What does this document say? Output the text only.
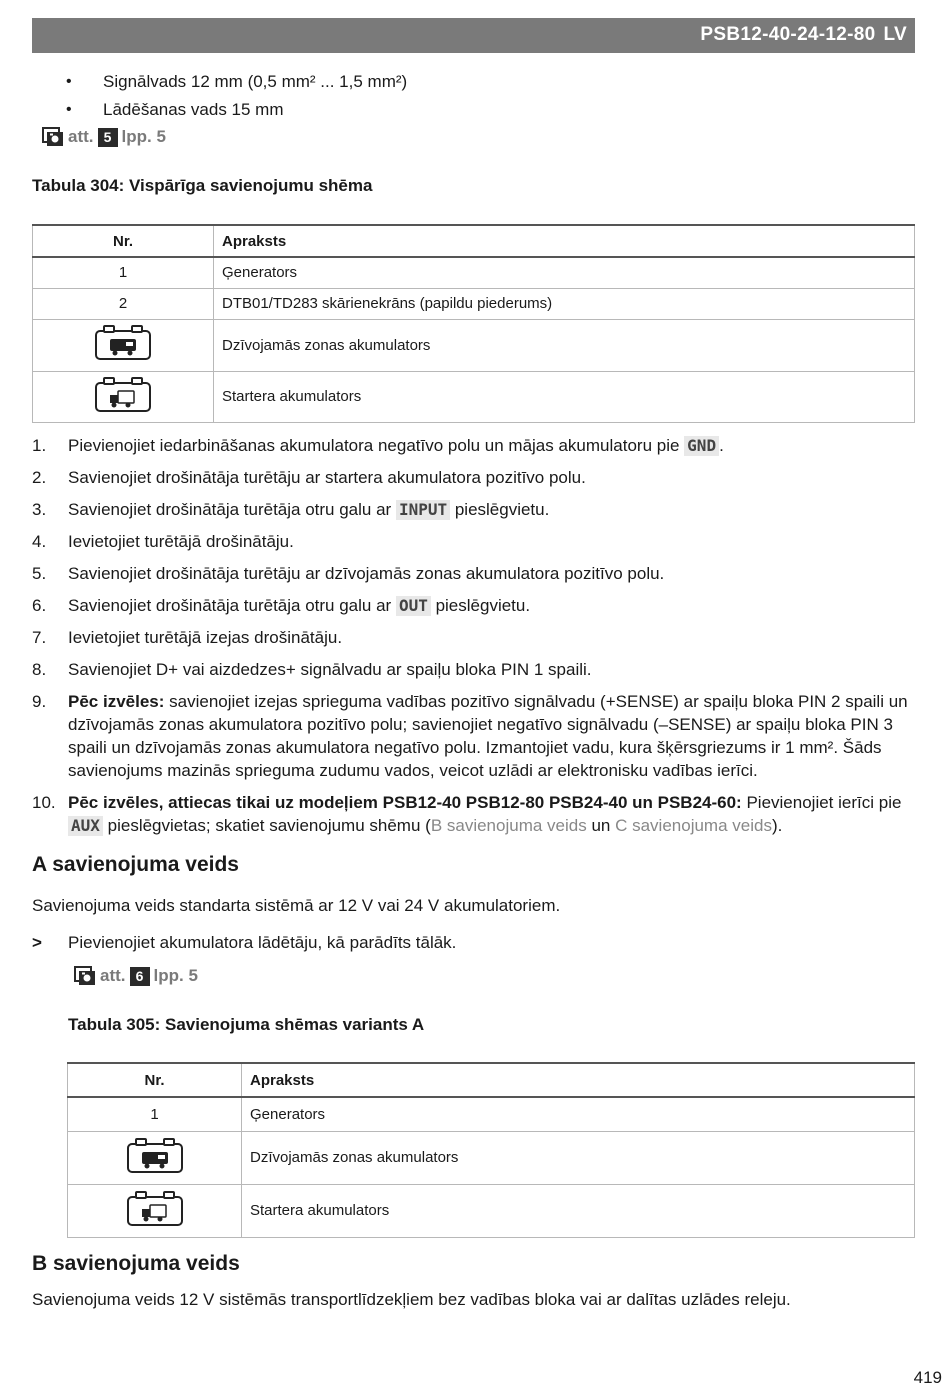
PSB12-40-24-12-80 LV
•	Signālvads 12 mm (0,5 mm² ... 1,5 mm²)
•	Lādēšanas vads 15 mm
att. 5 lpp. 5
Tabula 304: Vispārīga savienojumu shēma
Nr.	Apraksts
1	Ģenerators
2	DTB01/TD283 skārienekrāns (papildu piederums)
	Dzīvojamās zonas akumulators
	Startera akumulators
1.	Pievienojiet iedarbināšanas akumulatora negatīvo polu un mājas akumulatoru pie GND .
2.	Savienojiet drošinātāja turētāju ar startera akumulatora pozitīvo polu.
3.	Savienojiet drošinātāja turētāja otru galu ar INPUT pieslēgvietu.
4.	Ievietojiet turētājā drošinātāju.
5.	Savienojiet drošinātāja turētāju ar dzīvojamās zonas akumulatora pozitīvo polu.
6.	Savienojiet drošinātāja turētāja otru galu ar OUT pieslēgvietu.
7.	Ievietojiet turētājā izejas drošinātāju.
8.	Savienojiet D+ vai aizdedzes+ signālvadu ar spaiļu bloka PIN 1 spaili.
9.	Pēc izvēles: savienojiet izejas sprieguma vadības pozitīvo signālvadu (+SENSE) ar spaiļu bloka PIN 2 spaili un dzīvojamās zonas akumulatora pozitīvo polu; savienojiet negatīvo signālvadu (–SENSE) ar spaiļu bloka PIN 3 spaili un dzīvojamās zonas akumulatora negatīvo polu. Izmantojiet vadu, kura šķērsgriezums ir 1 mm². Šāds savienojums mazinās sprieguma zudumu vados, veicot uzlādi ar elektronisku vadības ierīci.
10. Pēc izvēles, attiecas tikai uz modeļiem PSB12-40 PSB12-80 PSB24-40 un PSB24-60: Pievienojiet ierīci pie AUX pieslēgvietas; skatiet savienojumu shēmu (B savienojuma veids un C savienojuma veids).
A savienojuma veids
Savienojuma veids standarta sistēmā ar 12 V vai 24 V akumulatoriem.
>	Pievienojiet akumulatora lādētāju, kā parādīts tālāk.
att. 6 lpp. 5
Tabula 305: Savienojuma shēmas variants A
Nr.	Apraksts
1	Ģenerators
	Dzīvojamās zonas akumulators
	Startera akumulators
B savienojuma veids
Savienojuma veids 12 V sistēmās transportlīdzekļiem bez vadības bloka vai ar dalītas uzlādes releju.
419
